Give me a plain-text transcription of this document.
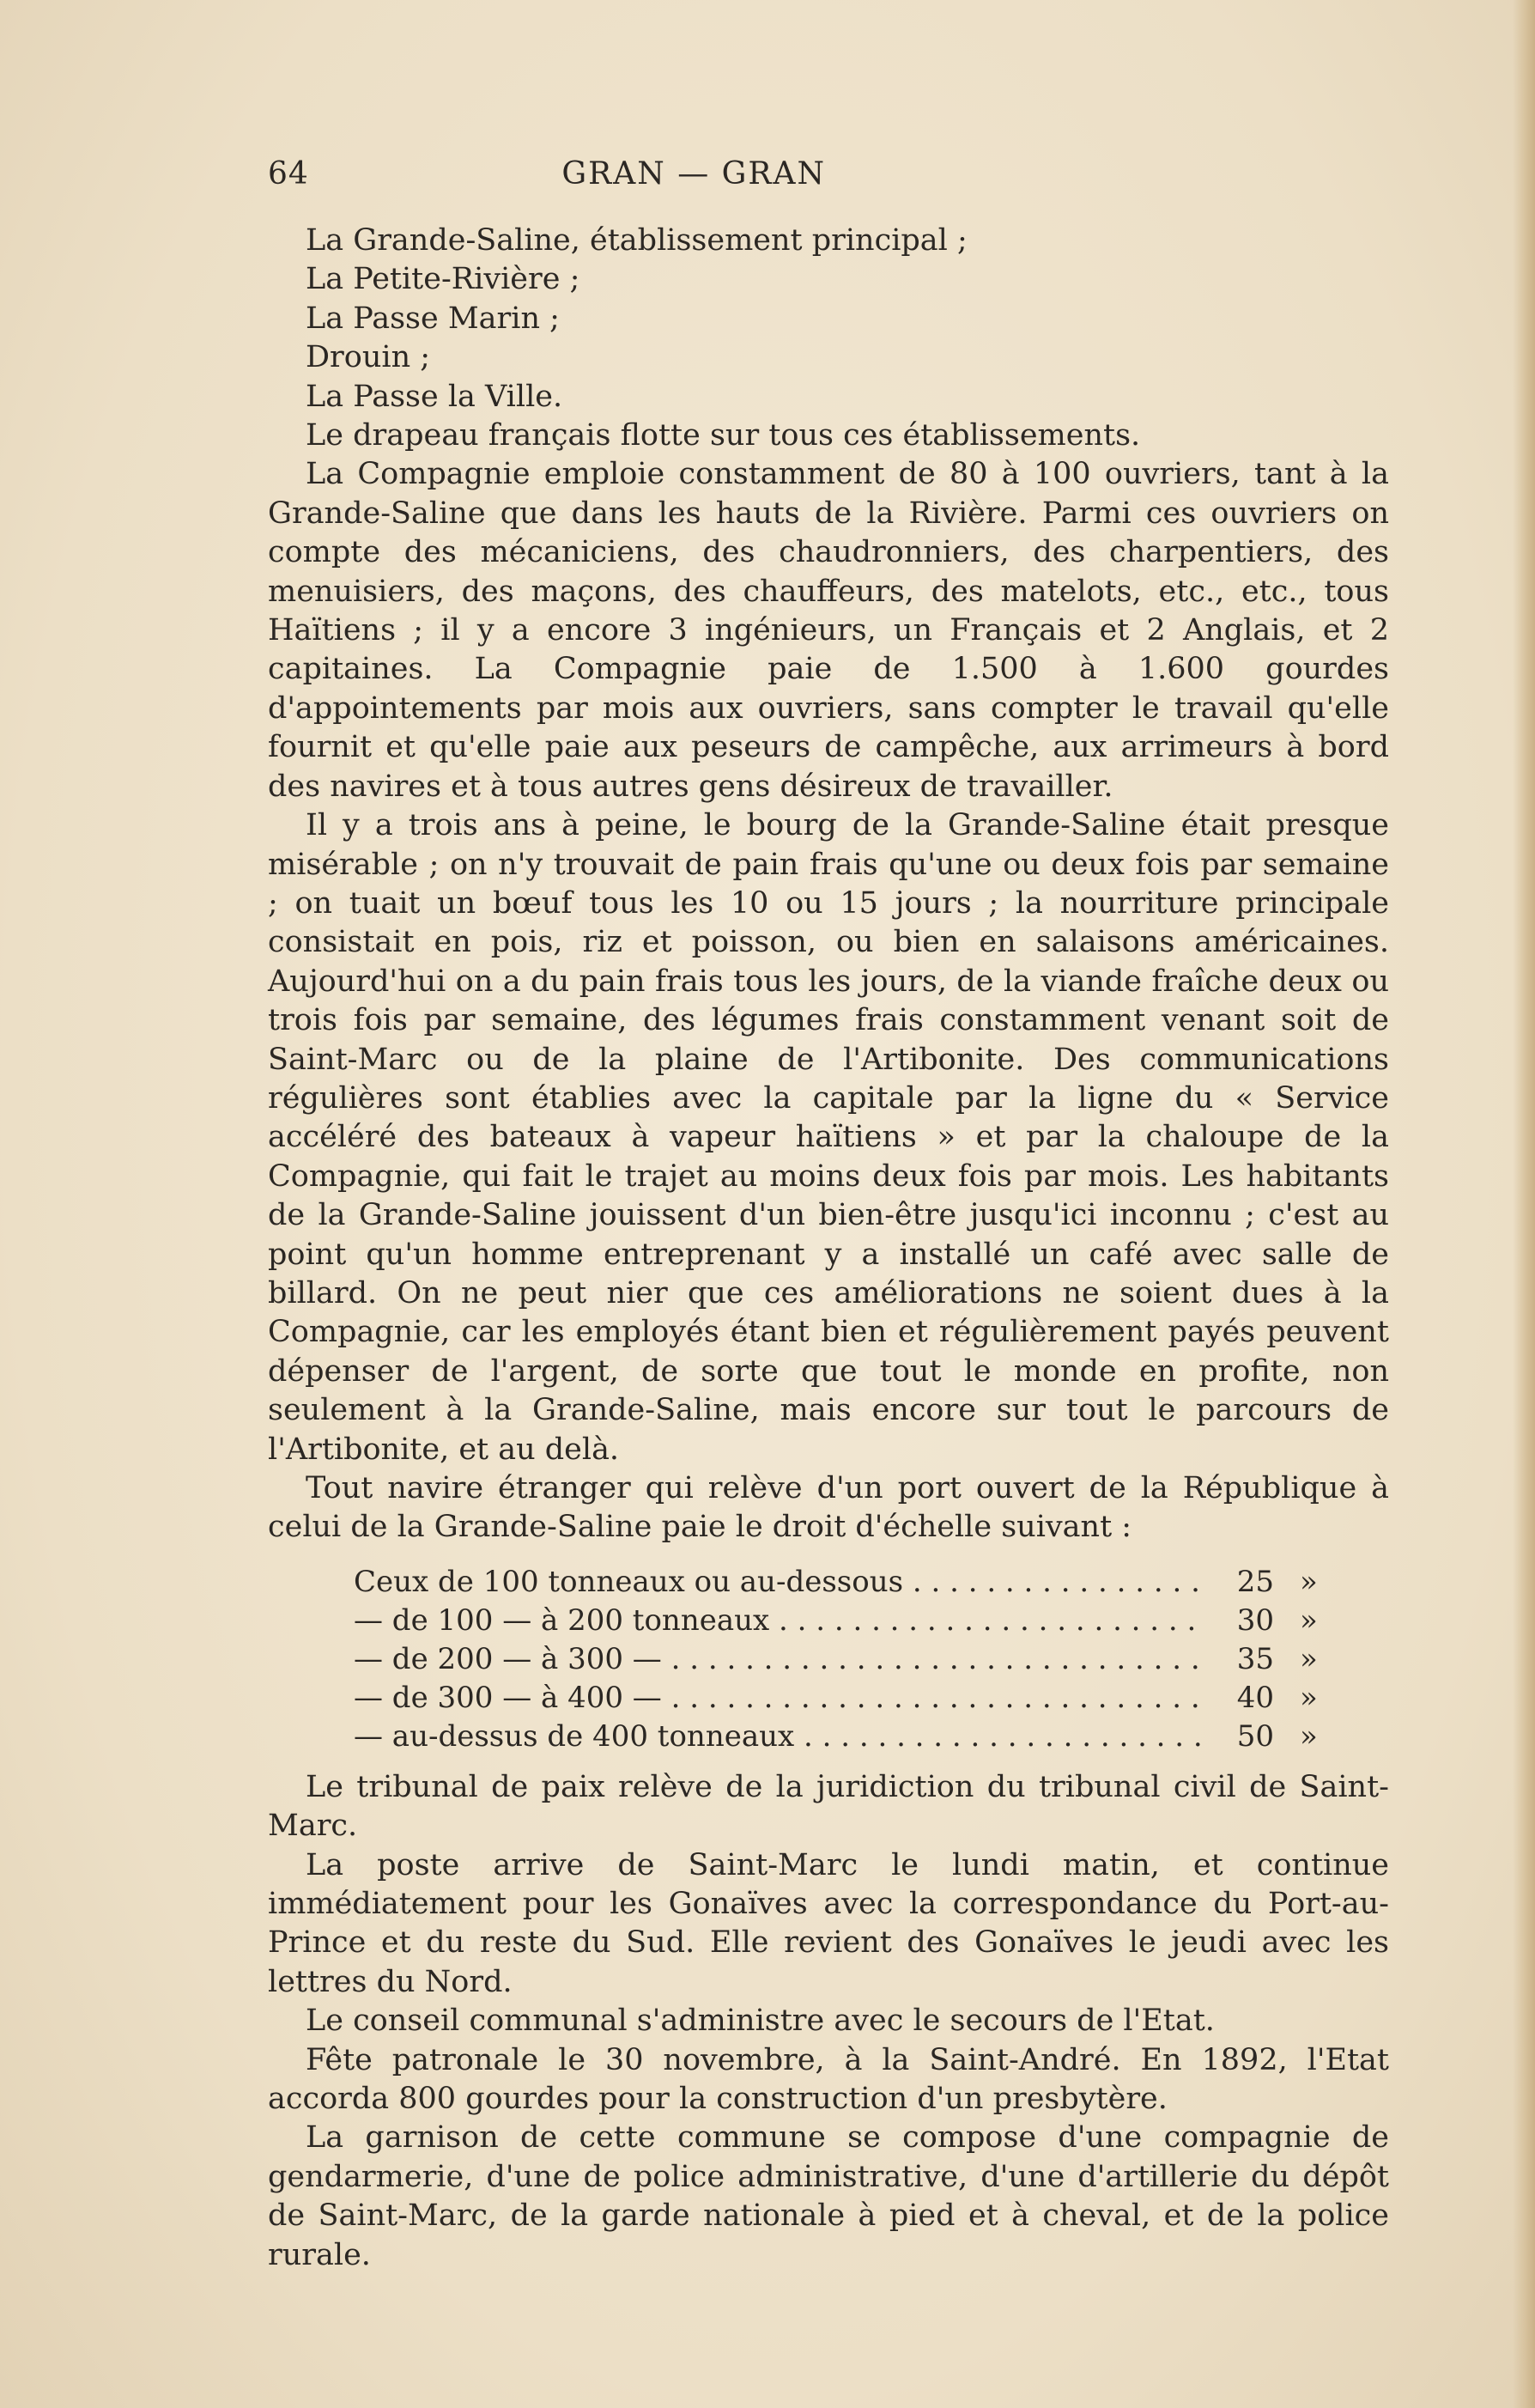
64	GRAN — GRAN

La Grande-Saline, établissement principal ;

La Petite-Rivière ;

La Passe Marin ;

Drouin ;

La Passe la Ville.

Le drapeau français flotte sur tous ces établissements.

La Compagnie emploie constamment de 80 à 100 ouvriers, tant à la Grande-Saline que dans les hauts de la Rivière. Parmi ces ouvriers on compte des mécaniciens, des chaudronniers, des charpentiers, des menuisiers, des maçons, des chauffeurs, des matelots, etc., etc., tous Haïtiens ; il y a encore 3 ingénieurs, un Français et 2 Anglais, et 2 capitaines. La Compagnie paie de 1.500 à 1.600 gourdes d'appointements par mois aux ouvriers, sans compter le travail qu'elle fournit et qu'elle paie aux peseurs de campêche, aux arrimeurs à bord des navires et à tous autres gens désireux de travailler.

Il y a trois ans à peine, le bourg de la Grande-Saline était presque misérable ; on n'y trouvait de pain frais qu'une ou deux fois par semaine ; on tuait un bœuf tous les 10 ou 15 jours ; la nourriture principale consistait en pois, riz et poisson, ou bien en salaisons américaines. Aujourd'hui on a du pain frais tous les jours, de la viande fraîche deux ou trois fois par semaine, des légumes frais constamment venant soit de Saint-Marc ou de la plaine de l'Artibonite. Des communications régulières sont établies avec la capitale par la ligne du « Service accéléré des bateaux à vapeur haïtiens » et par la chaloupe de la Compagnie, qui fait le trajet au moins deux fois par mois. Les habitants de la Grande-Saline jouissent d'un bien-être jusqu'ici inconnu ; c'est au point qu'un homme entreprenant y a installé un café avec salle de billard. On ne peut nier que ces améliorations ne soient dues à la Compagnie, car les employés étant bien et régulièrement payés peuvent dépenser de l'argent, de sorte que tout le monde en profite, non seulement à la Grande-Saline, mais encore sur tout le parcours de l'Artibonite, et au delà.

Tout navire étranger qui relève d'un port ouvert de la République à celui de la Grande-Saline paie le droit d'échelle suivant :

Ceux de 100 tonneaux ou au-dessous . . .	25 »
— de 100 — à 200 tonneaux . . .	30 »
— de 200 — à 300 — . . .	35 »
— de 300 — à 400 — . . .	40 »
— au-dessus de 400 tonneaux . . .	50 »

Le tribunal de paix relève de la juridiction du tribunal civil de Saint-Marc.

La poste arrive de Saint-Marc le lundi matin, et continue immédiatement pour les Gonaïves avec la correspondance du Port-au-Prince et du reste du Sud. Elle revient des Gonaïves le jeudi avec les lettres du Nord.

Le conseil communal s'administre avec le secours de l'Etat.

Fête patronale le 30 novembre, à la Saint-André. En 1892, l'Etat accorda 800 gourdes pour la construction d'un presbytère.

La garnison de cette commune se compose d'une compagnie de gendarmerie, d'une de police administrative, d'une d'artillerie du dépôt de Saint-Marc, de la garde nationale à pied et à cheval, et de la police rurale.
